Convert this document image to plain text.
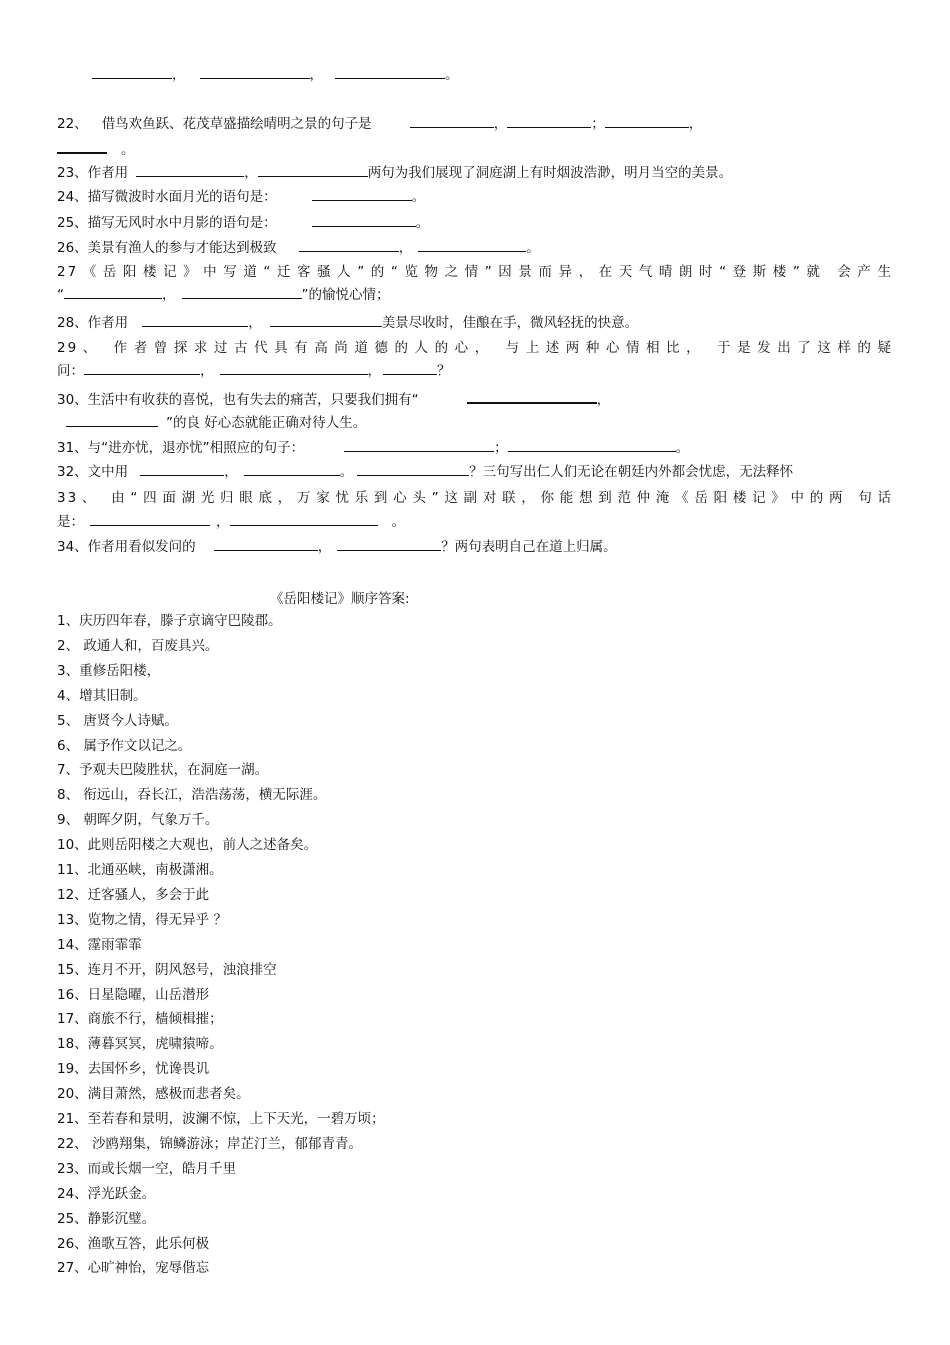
，	，	。
22、 借鸟欢鱼跃、花茂草盛描绘晴明之景的句子是	，	；	，
。
23、作者用	，	两句为我们展现了洞庭湖上有时烟波浩渺，明月当空的美景。
24、描写微波时水面月光的语句是：	。
25、描写无风时水中月影的语句是：	。
26、美景有渔人的参与才能达到极致	，	。
27《岳阳楼记》中写道“迁客骚人”的“览物之情”因景而异，在天气晴朗时“登斯楼”就 会产生
“	，	”的愉悦心情；
28、作者用	，	美景尽收时，佳酿在手，微风轻抚的快意。
29、 作者曾探求过古代具有高尚道德的人的心， 与上述两种心情相比， 于是发出了这样的疑
问：	，	，	？
30、生活中有收获的喜悦，也有失去的痛苦，只要我们拥有“	，
”的良 好心态就能正确对待人生。
31、与“进亦忧，退亦忧”相照应的句子：	；	。
32、文中用	，	。	？三句写出仁人们无论在朝廷内外都会忧虑，无法释怀
33、 由“四面湖光归眼底，万家忧乐到心头”这副对联，你能想到范仲淹《岳阳楼记》中的两 句话
是：	，	。
34、作者用看似发问的	，	？两句表明自己在道上归属。
《岳阳楼记》顺序答案:
1、庆历四年春，滕子京谪守巴陵郡。
2、 政通人和，百废具兴。
3、重修岳阳楼，
4、增其旧制。
5、 唐贤今人诗赋。
6、 属予作文以记之。
7、予观夫巴陵胜状，在洞庭一湖。
8、 衔远山，吞长江，浩浩荡荡，横无际涯。
9、 朝晖夕阴，气象万千。
10、此则岳阳楼之大观也，前人之述备矣。
11、北通巫峡，南极潇湘。
12、迁客骚人，多会于此
13、览物之情，得无异乎 ？
14、霪雨霏霏
15、连月不开，阴风怒号，浊浪排空
16、日星隐曜，山岳潜形
17、商旅不行，樯倾楫摧；
18、薄暮冥冥，虎啸猿啼。
19、去国怀乡，忧谗畏讥
20、满目萧然，感极而悲者矣。
21、至若春和景明，波澜不惊，上下天光，一碧万顷；
22、 沙鸥翔集，锦鳞游泳；岸芷汀兰，郁郁青青。
23、而或长烟一空，皓月千里
24、浮光跃金。
25、静影沉璧。
26、渔歌互答，此乐何极
27、心旷神怡，宠辱偕忘
